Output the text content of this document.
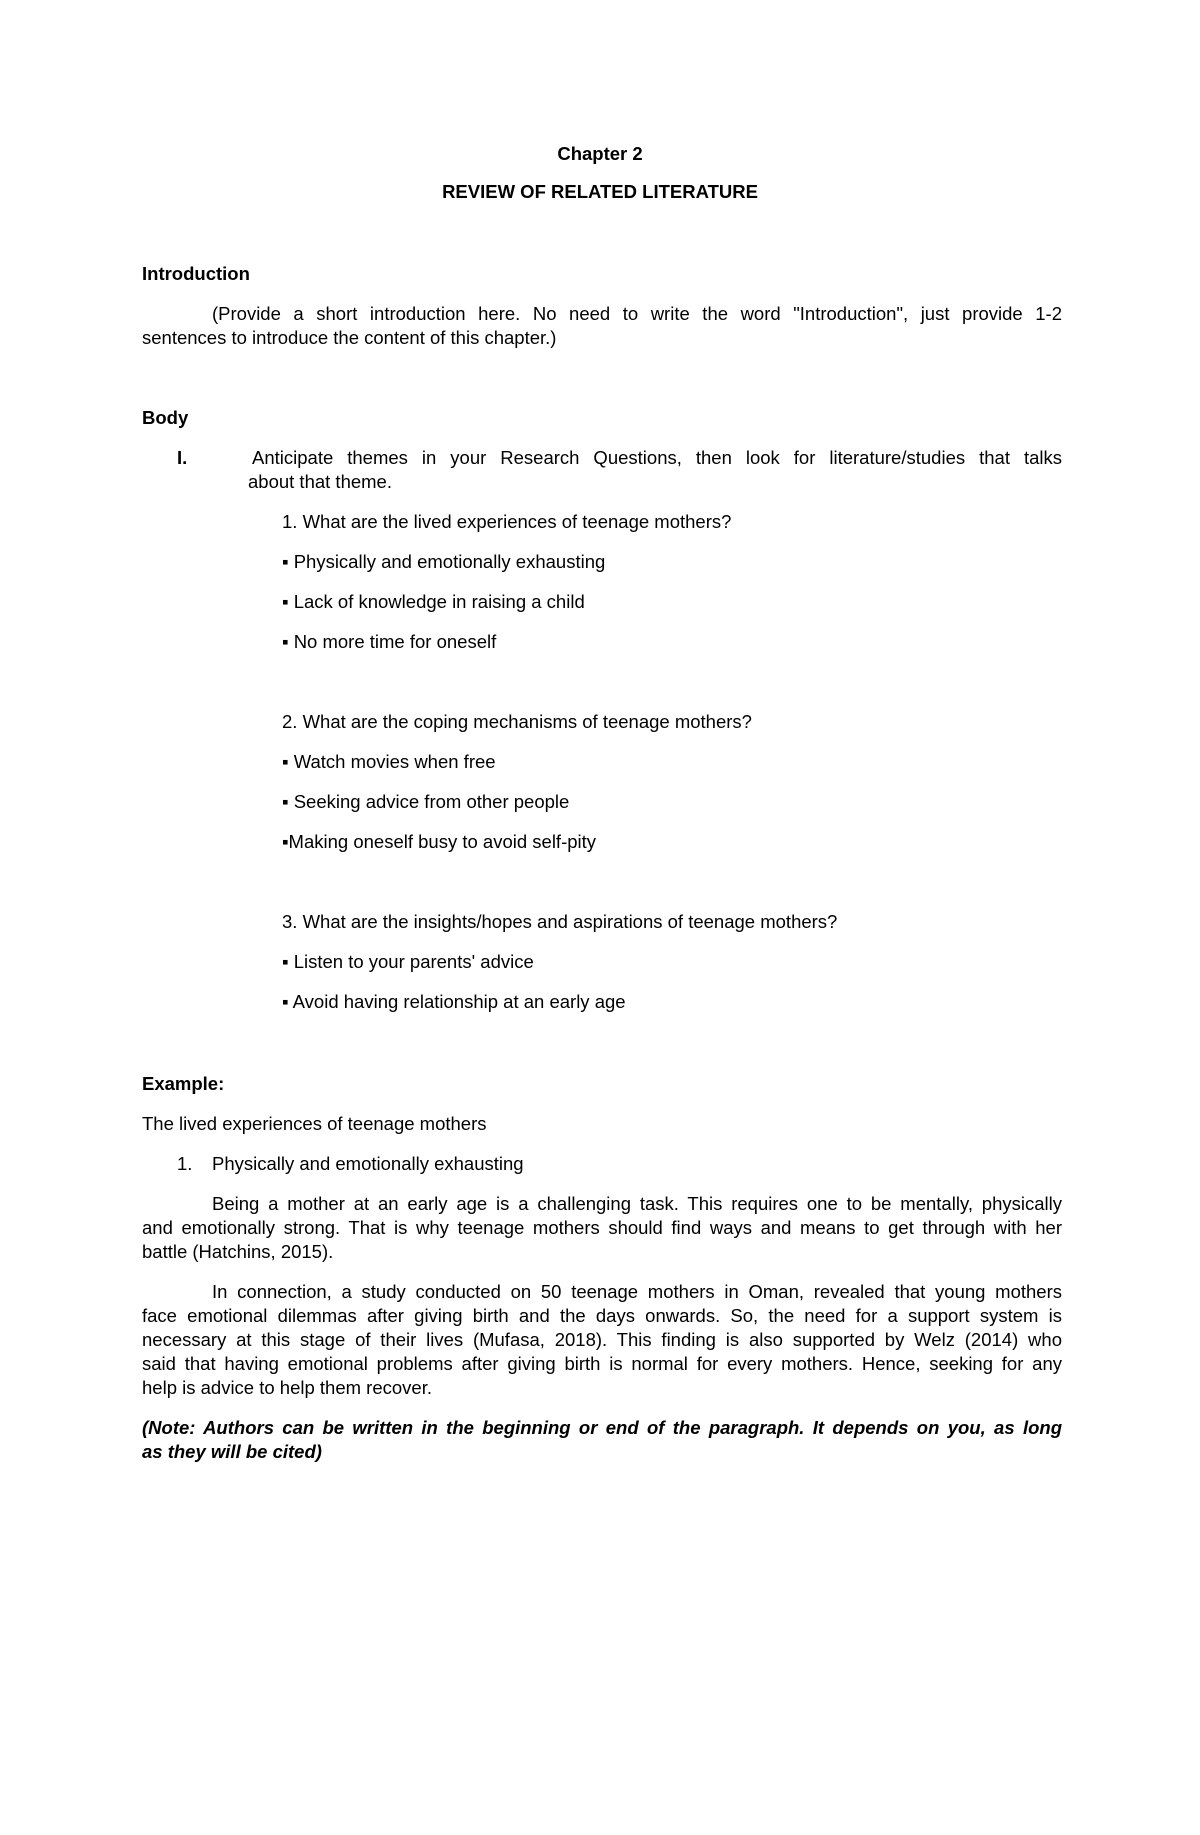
Chapter 2
REVIEW OF RELATED LITERATURE
Introduction
(Provide a short introduction here. No need to write the word "Introduction", just provide 1-2
sentences to introduce the content of this chapter.)
Body
I.	Anticipate themes in your Research Questions, then look for literature/studies that talks
about that theme.
1. What are the lived experiences of teenage mothers?
▪ Physically and emotionally exhausting
▪ Lack of knowledge in raising a child
▪ No more time for oneself
2. What are the coping mechanisms of teenage mothers?
▪ Watch movies when free
▪ Seeking advice from other people
▪Making oneself busy to avoid self-pity
3. What are the insights/hopes and aspirations of teenage mothers?
▪ Listen to your parents' advice
▪ Avoid having relationship at an early age
Example:
The lived experiences of teenage mothers
1. Physically and emotionally exhausting
Being a mother at an early age is a challenging task. This requires one to be mentally, physically
and emotionally strong. That is why teenage mothers should find ways and means to get through with her
battle (Hatchins, 2015).
In connection, a study conducted on 50 teenage mothers in Oman, revealed that young mothers
face emotional dilemmas after giving birth and the days onwards. So, the need for a support system is
necessary at this stage of their lives (Mufasa, 2018). This finding is also supported by Welz (2014) who
said that having emotional problems after giving birth is normal for every mothers. Hence, seeking for any
help is advice to help them recover.
(Note: Authors can be written in the beginning or end of the paragraph. It depends on you, as long
as they will be cited)
